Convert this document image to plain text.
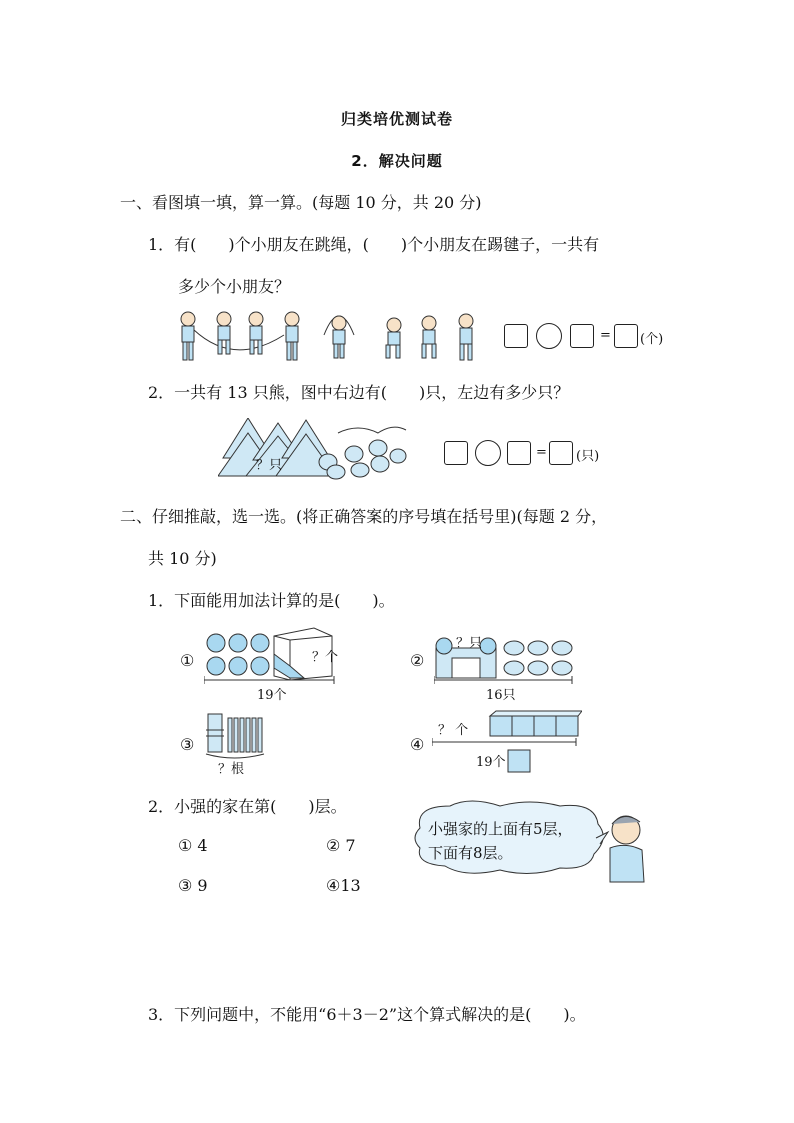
归类培优测试卷
2．解决问题
一、看图填一填，算一算。(每题 10 分，共 20 分)
1．有(　　)个小朋友在跳绳，(　　)个小朋友在踢毽子，一共有
多少个小朋友？
= (个)
2．一共有 13 只熊，图中右边有(　　)只，左边有多少只？
？只
= (只)
二、仔细推敲，选一选。(将正确答案的序号填在括号里)(每题 2 分，
共 10 分)
1．下面能用加法计算的是(　　)。
①	？个
19个
②
？只
16只
③
？根
④
？ 个
19个
2．小强的家在第(　　)层。
① 4	② 7
③ 9	④13
小强家的上面有5层，
下面有8层。
3．下列问题中，不能用“6＋3－2”这个算式解决的是(　　)。
